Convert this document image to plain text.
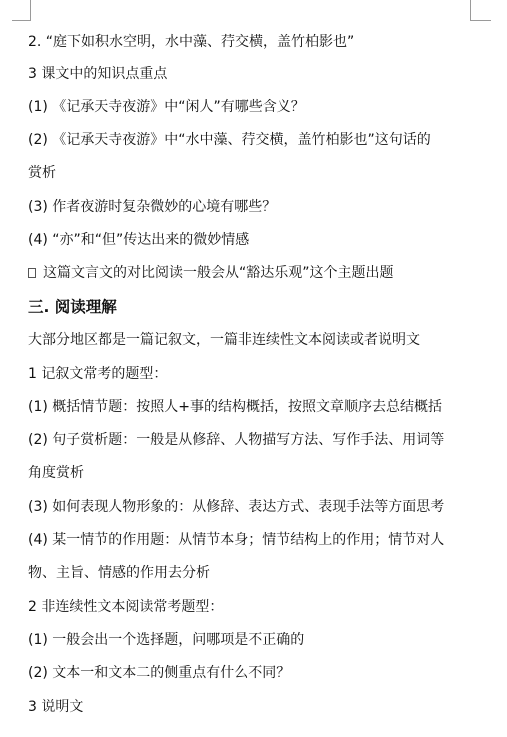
2. “庭下如积水空明，水中藻、荇交横，盖竹柏影也”
3 课文中的知识点重点
(1) 《记承天寺夜游》中“闲人”有哪些含义？
(2) 《记承天寺夜游》中“水中藻、荇交横，盖竹柏影也”这句话的
赏析
(3) 作者夜游时复杂微妙的心境有哪些？
(4) “亦”和“但”传达出来的微妙情感
这篇文言文的对比阅读一般会从“豁达乐观”这个主题出题
三. 阅读理解
大部分地区都是一篇记叙文，一篇非连续性文本阅读或者说明文
1 记叙文常考的题型：
(1) 概括情节题：按照人+事的结构概括，按照文章顺序去总结概括
(2) 句子赏析题：一般是从修辞、人物描写方法、写作手法、用词等
角度赏析
(3) 如何表现人物形象的：从修辞、表达方式、表现手法等方面思考
(4) 某一情节的作用题：从情节本身；情节结构上的作用；情节对人
物、主旨、情感的作用去分析
2 非连续性文本阅读常考题型：
(1) 一般会出一个选择题，问哪项是不正确的
(2) 文本一和文本二的侧重点有什么不同？
3 说明文
